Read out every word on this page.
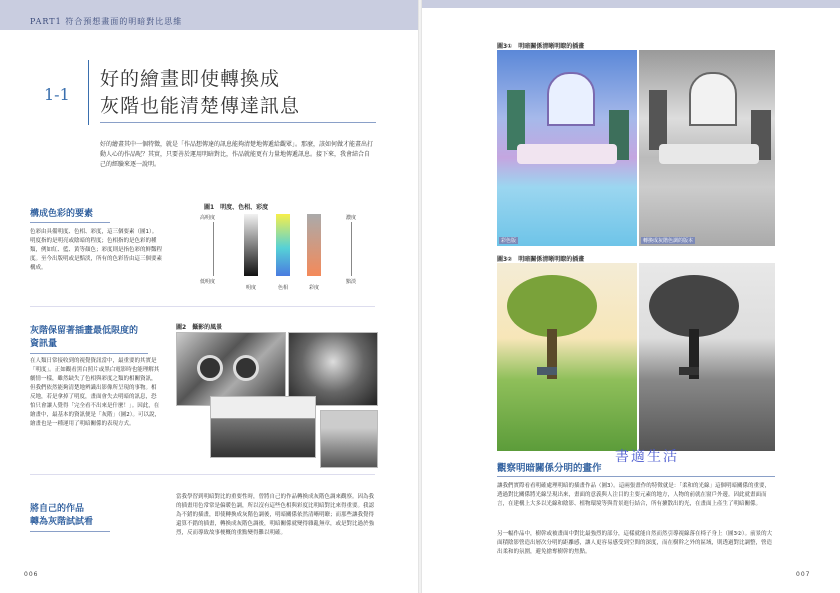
PART1 符合預想畫面的明暗對比思維
1-1
好的繪畫即使轉換成
灰階也能清楚傳達訊息
好的繪畫其中一個特徵，就是「作品想傳達的訊息能夠清楚地傳遞給觀眾」。那麼，該如何做才能畫出打動人心的作品呢？其實，只要善於運用明暗對比，作品就能更有力量地傳遞訊息。接下來，我會結合自己的經驗來逐一說明。
構成色彩的要素
色彩由具備明度、色相、彩度，這三個要素（圖1）。明度指的是明亮或陰暗的程度；色相指的是色彩的種類，例如紅、藍、黃等顏色；彩度則是指色彩的鮮豔程度。至今出版明或是黯淡，所有的色彩皆由這三個要素構成。
圖1　明度、色相、彩度
高明度
低明度
明度	色相	彩度
濃度
黯淡
灰階保留著插畫最低限度的
資訊量
在人類日常接收到的視覺資訊當中，最重要的其實是「明度」。正如觀看黑白照片或黑白電影時也能理解其劇情一樣，雖然缺失了色相與彩度之類的相關資訊，但我們依然能夠清楚地辨識出影像所呈現的事物。相反地，若是拿掉了明度，畫面會失去明暗的訊息，恐怕只會讓人覺得「完全看不出來是什麼！」。因此，在繪畫中，最基本的資訊便是「灰階」（圖2）。可以說，繪畫也是一種運用了明暗關係的表現方式。
圖2　攝影的風景
將自己的作品
轉為灰階試試看
當我學習到明暗對比的重要性時，曾將自己的作品轉換成灰階色調來觀察。因為我的插畫用色常常是偏暖色調，所以沒有這些色相與彩度比明暗對比來得重要。我認為不錯的插畫，即使轉換成灰階色調後，明暗關係依然清晰明瞭；而那些讓我覺得還算不錯的插畫，轉換成灰階色調後，明暗關係就變得雜亂無章，或是對比過於強烈，反而導致故事梗概的重點變得難以明確。
006
圖3①　明暗關係清晰明瞭的插畫
彩色版	轉換成灰階色調的版本
圖3②　明暗關係清晰明瞭的插畫
書適生活
觀察明暗關係分明的畫作
讓我們實際看看明確處理明暗的插畫作品（圖3）。這兩張畫作的特徵就是：「柔和的光線」這個明暗關係的重要，透過對比關係將光線呈現出來，畫面的意義與人注目的主要元素的地方，人物的前就在窗戶外邊。因此就畫面而言，在建構上大多以光線和陰影、植物環境等與背景進行結合，所有擴散出的光，在畫面上產生了明暗關係。
另一幅作品中，樹幹或被畫面中對比最強烈的部分，這樣就能自然而然引導視線落在椅子身上（圖3②）。前景的大面積陰影營造出層次分明的距離感，讓人更容易感受到空間的深度，而在樹幹之外的區域，則透過對比調整，營造出柔和的氛圍，避免搶奪樹幹的焦點。
007
